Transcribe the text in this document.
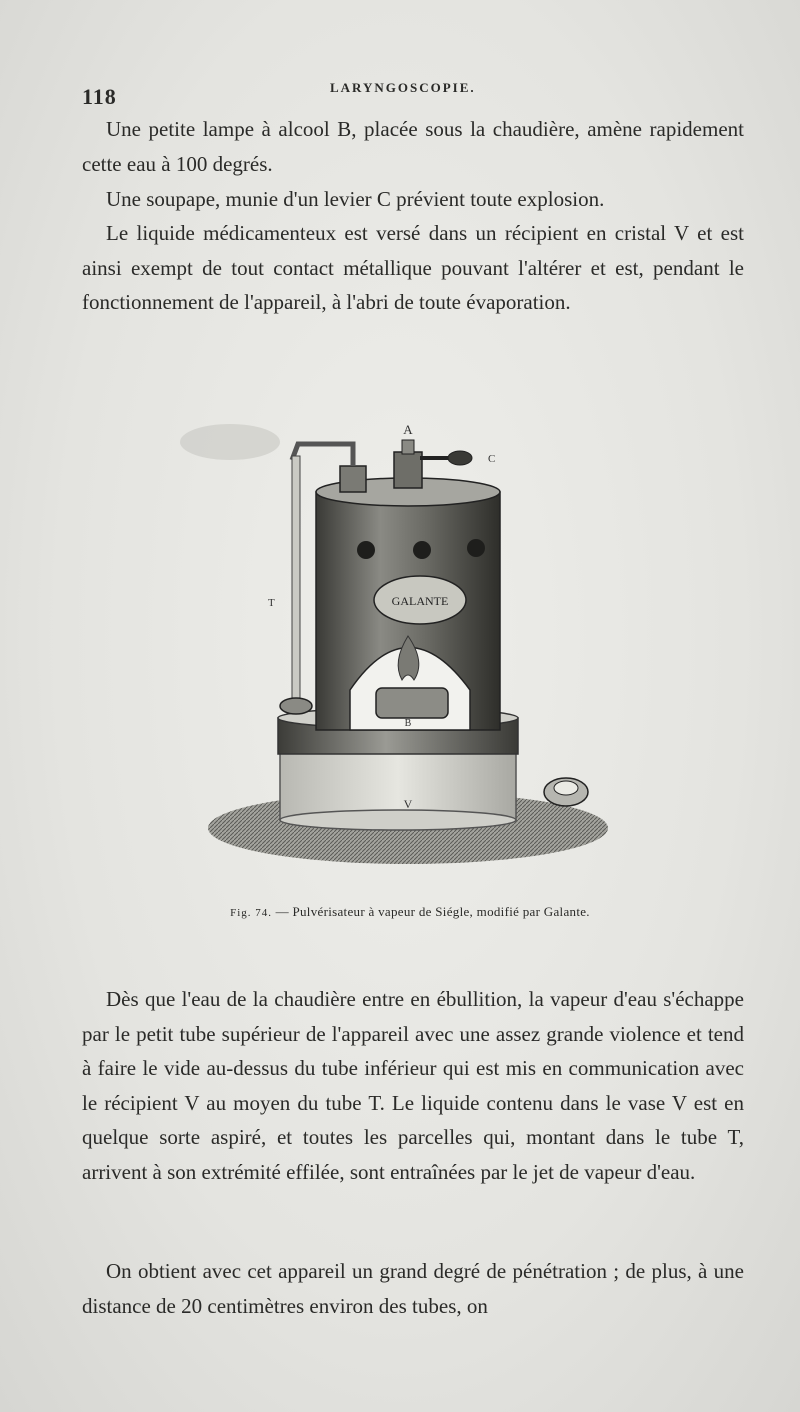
118	LARYNGOSCOPIE.

Une petite lampe à alcool B, placée sous la chaudière, amène rapidement cette eau à 100 degrés.

Une soupape, munie d'un levier C prévient toute explosion.

Le liquide médicamenteux est versé dans un récipient en cristal V et est ainsi exempt de tout contact métallique pouvant l'altérer et est, pendant le fonctionnement de l'appareil, à l'abri de toute évaporation.

GALANTE
A
C
T
B
V
Fig. 74. — Pulvérisateur à vapeur de Siégle, modifié par Galante.

Dès que l'eau de la chaudière entre en ébullition, la vapeur d'eau s'échappe par le petit tube supérieur de l'appareil avec une assez grande violence et tend à faire le vide au-dessus du tube inférieur qui est mis en communication avec le récipient V au moyen du tube T. Le liquide contenu dans le vase V est en quelque sorte aspiré, et toutes les parcelles qui, montant dans le tube T, arrivent à son extrémité effilée, sont entraînées par le jet de vapeur d'eau.

On obtient avec cet appareil un grand degré de pénétration ; de plus, à une distance de 20 centimètres environ des tubes, on
